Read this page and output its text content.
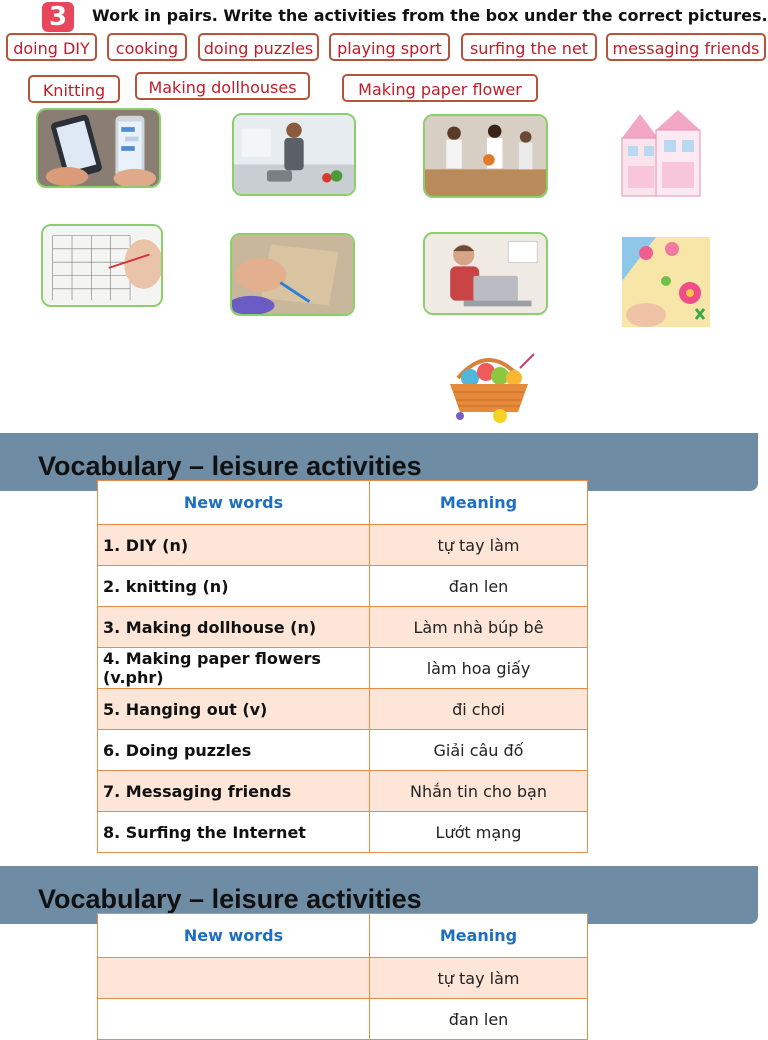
3	Work in pairs. Write the activities from the box under the correct pictures.
doing DIY	cooking	doing puzzles	playing sport	surfing the net	messaging friends
Knitting	Making dollhouses	Making paper flower
Vocabulary – leisure activities
New words	Meaning
1. DIY (n)	tự tay làm
2. knitting (n)	đan len
3. Making dollhouse (n)	Làm nhà búp bê
4. Making paper flowers (v.phr)	làm hoa giấy
5. Hanging out (v)	đi chơi
6. Doing puzzles	Giải câu đố
7. Messaging friends	Nhắn tin cho bạn
8. Surfing the Internet	Lướt mạng
Vocabulary – leisure activities
New words	Meaning
	tự tay làm
	đan len
